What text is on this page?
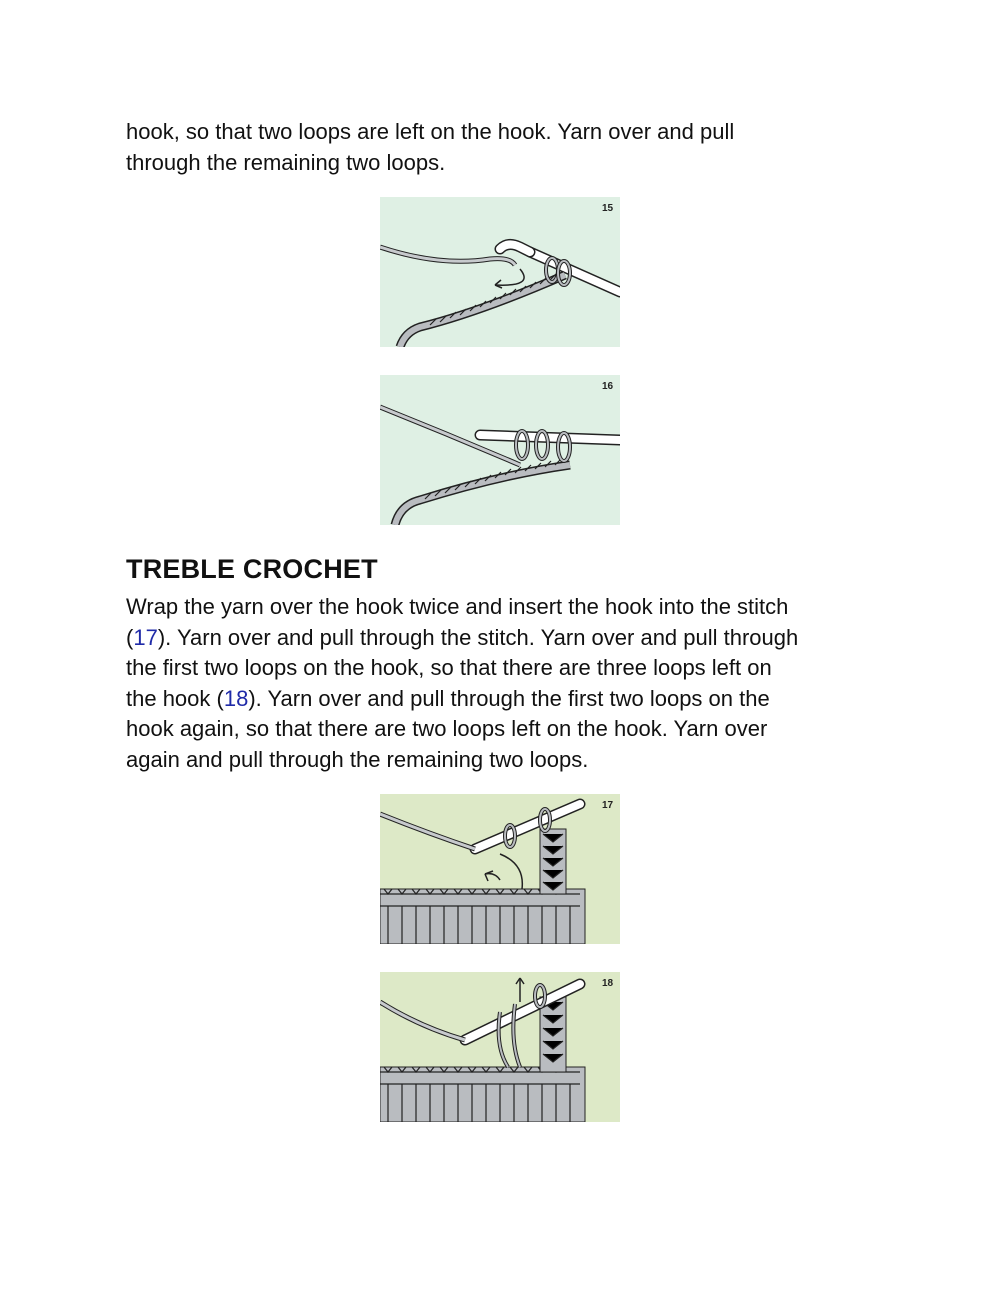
hook, so that two loops are left on the hook. Yarn over and pull
through the remaining two loops.

15
16
TREBLE CROCHET

Wrap the yarn over the hook twice and insert the hook into the stitch
(17). Yarn over and pull through the stitch. Yarn over and pull through
the first two loops on the hook, so that there are three loops left on
the hook (18). Yarn over and pull through the first two loops on the
hook again, so that there are two loops left on the hook. Yarn over
again and pull through the remaining two loops.

17
18
